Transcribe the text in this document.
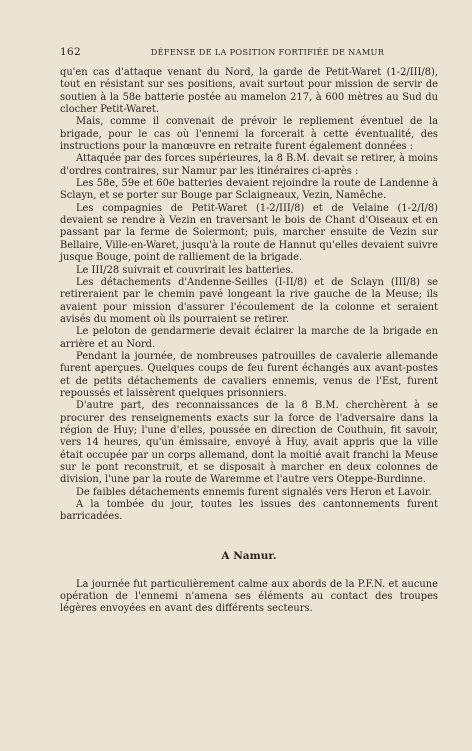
162	DÉFENSE DE LA POSITION FORTIFIÉE DE NAMUR

qu'en cas d'attaque venant du Nord, la garde de Petit-Waret (1-2/III/8), tout en résistant sur ses positions, avait surtout pour mission de servir de soutien à la 58e batterie postée au mamelon 217, à 600 mètres au Sud du clocher Petit-Waret.

Mais, comme il convenait de prévoir le repliement éventuel de la brigade, pour le cas où l'ennemi la forcerait à cette éventualité, des instructions pour la manœuvre en retraite furent également données :

Attaquée par des forces supérieures, la 8 B.M. devait se retirer, à moins d'ordres contraires, sur Namur par les itinéraires ci-après :

Les 58e, 59e et 60e batteries devaient rejoindre la route de Landenne à Sclayn, et se porter sur Bouge par Sclaigneaux, Vezin, Namêche.

Les compagnies de Petit-Waret (1-2/III/8) et de Velaine (1-2/I/8) devaient se rendre à Vezin en traversant le bois de Chant d'Oiseaux et en passant par la ferme de Solermont; puis, marcher ensuite de Vezin sur Bellaire, Ville-en-Waret, jusqu'à la route de Hannut qu'elles devaient suivre jusque Bouge, point de ralliement de la brigade.

Le III/28 suivrait et couvrirait les batteries.

Les détachements d'Andenne-Seilles (I-II/8) et de Sclayn (III/8) se retireraient par le chemin pavé longeant la rive gauche de la Meuse; ils avaient pour mission d'assurer l'écoulement de la colonne et seraient avisés du moment où ils pourraient se retirer.

Le peloton de gendarmerie devait éclairer la marche de la brigade en arrière et au Nord.

Pendant la journée, de nombreuses patrouilles de cavalerie allemande furent aperçues. Quelques coups de feu furent échangés aux avant-postes et de petits détachements de cavaliers ennemis, venus de l'Est, furent repoussés et laissèrent quelques prisonniers.

D'autre part, des reconnaissances de la 8 B.M. cherchèrent à se procurer des renseignements exacts sur la force de l'adversaire dans la région de Huy; l'une d'elles, poussée en direction de Couthuin, fit savoir, vers 14 heures, qu'un émissaire, envoyé à Huy, avait appris que la ville était occupée par un corps allemand, dont la moitié avait franchi la Meuse sur le pont reconstruit, et se disposait à marcher en deux colonnes de division, l'une par la route de Waremme et l'autre vers Oteppe-Burdinne.

De faibles détachements ennemis furent signalés vers Heron et Lavoir.

A la tombée du jour, toutes les issues des cantonnements furent barricadées.

A Namur.

La journée fut particulièrement calme aux abords de la P.F.N. et aucune opération de l'ennemi n'amena ses éléments au contact des troupes légères envoyées en avant des différents secteurs.
